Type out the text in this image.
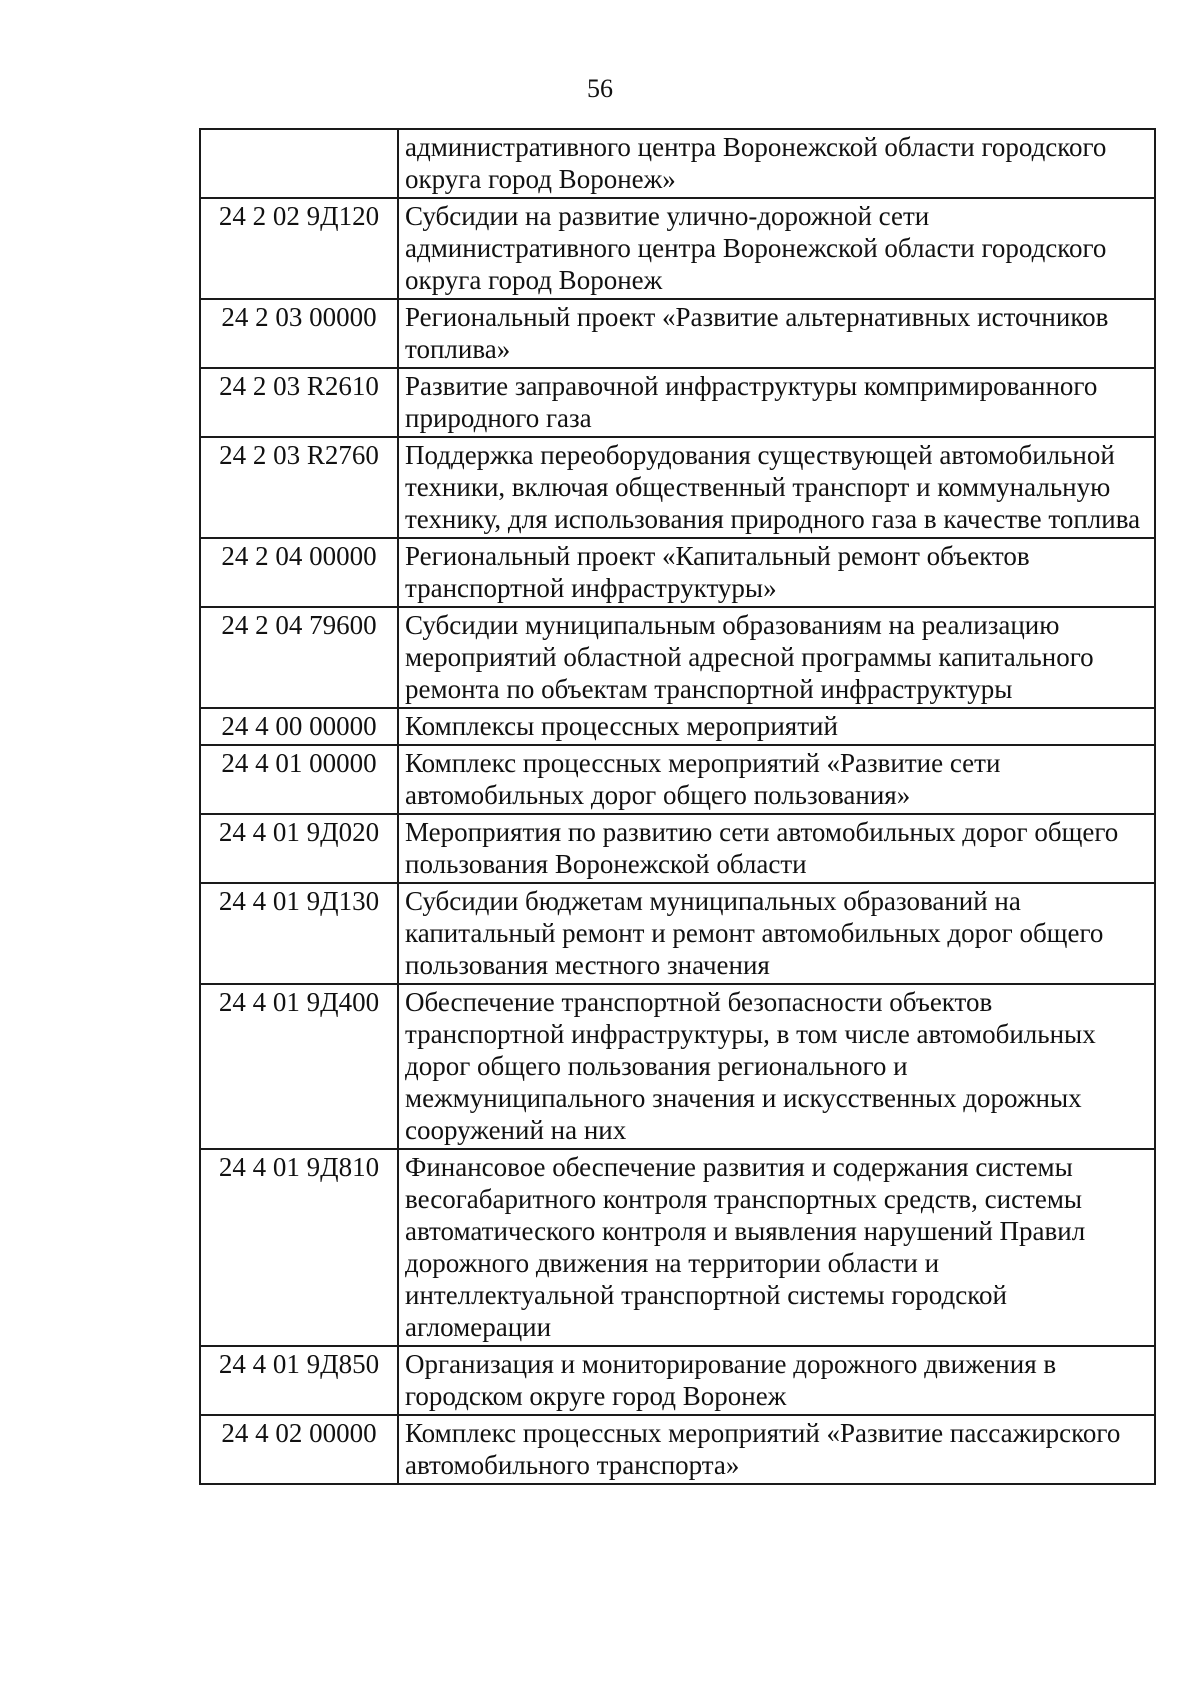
56
	административного центра Воронежской области городского округа город Воронеж»
24 2 02 9Д120	Субсидии на развитие улично-дорожной сети административного центра Воронежской области городского округа город Воронеж
24 2 03 00000	Региональный проект «Развитие альтернативных источников топлива»
24 2 03 R2610	Развитие заправочной инфраструктуры компримированного природного газа
24 2 03 R2760	Поддержка переоборудования существующей автомобильной техники, включая общественный транспорт и коммунальную технику, для использования природного газа в качестве топлива
24 2 04 00000	Региональный проект «Капитальный ремонт объектов транспортной инфраструктуры»
24 2 04 79600	Субсидии муниципальным образованиям на реализацию мероприятий областной адресной программы капитального ремонта по объектам транспортной инфраструктуры
24 4 00 00000	Комплексы процессных мероприятий
24 4 01 00000	Комплекс процессных мероприятий «Развитие сети автомобильных дорог общего пользования»
24 4 01 9Д020	Мероприятия по развитию сети автомобильных дорог общего пользования Воронежской области
24 4 01 9Д130	Субсидии бюджетам муниципальных образований на капитальный ремонт и ремонт автомобильных дорог общего пользования местного значения
24 4 01 9Д400	Обеспечение транспортной безопасности объектов транспортной инфраструктуры, в том числе автомобильных дорог общего пользования регионального и межмуниципального значения и искусственных дорожных сооружений на них
24 4 01 9Д810	Финансовое обеспечение развития и содержания системы весогабаритного контроля транспортных средств, системы автоматического контроля и выявления нарушений Правил дорожного движения на территории области и интеллектуальной транспортной системы городской агломерации
24 4 01 9Д850	Организация и мониторирование дорожного движения в городском округе город Воронеж
24 4 02 00000	Комплекс процессных мероприятий «Развитие пассажирского автомобильного транспорта»
